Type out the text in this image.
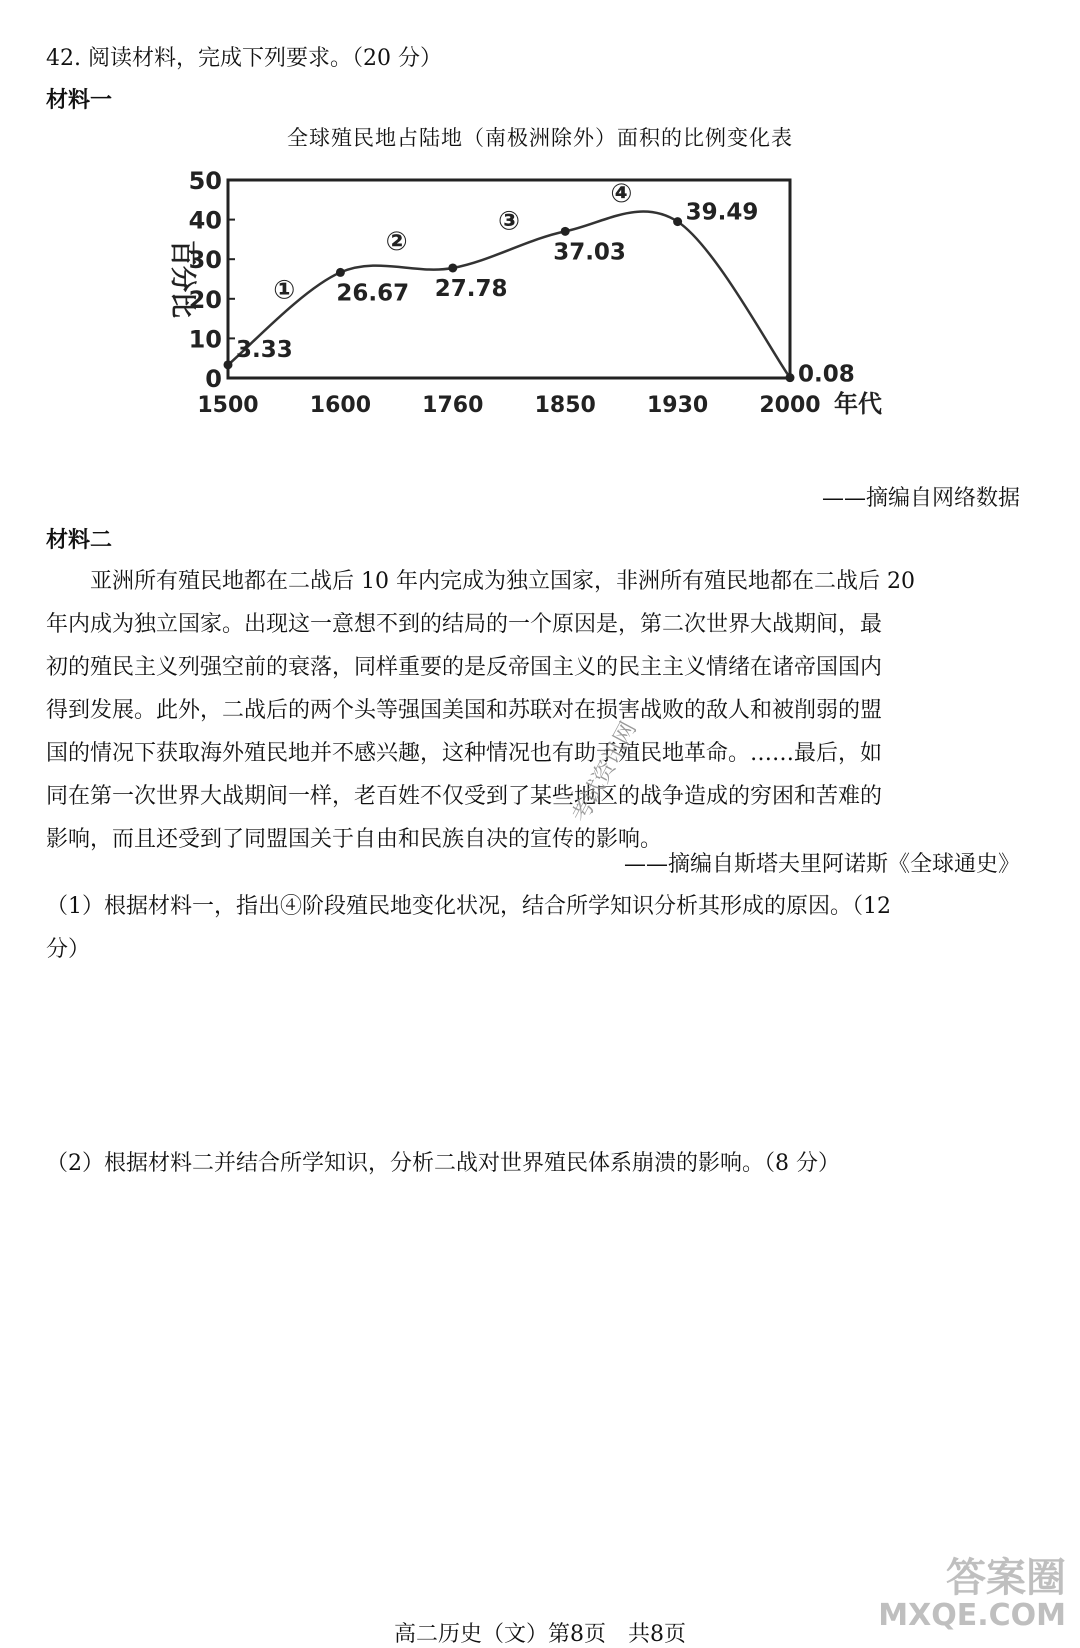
42. 阅读材料，完成下列要求。（20 分）
材料一
全球殖民地占陆地（南极洲除外）面积的比例变化表
0
10
20
30
40
50
百分比
1500 1600 1760 1850 1930 2000 年代
3.33
26.67 27.78
37.03
39.49
0.08
①
②
③
④
——摘编自网络数据
材料二
　　亚洲所有殖民地都在二战后 10 年内完成为独立国家，非洲所有殖民地都在二战后 20
年内成为独立国家。出现这一意想不到的结局的一个原因是，第二次世界大战期间，最
初的殖民主义列强空前的衰落，同样重要的是反帝国主义的民主主义情绪在诸帝国国内
得到发展。此外，二战后的两个头等强国美国和苏联对在损害战败的敌人和被削弱的盟
国的情况下获取海外殖民地并不感兴趣，这种情况也有助于殖民地革命。……最后，如
同在第一次世界大战期间一样，老百姓不仅受到了某些地区的战争造成的穷困和苦难的
影响，而且还受到了同盟国关于自由和民族自决的宣传的影响。
——摘编自斯塔夫里阿诺斯《全球通史》
（1）根据材料一，指出④阶段殖民地变化状况，结合所学知识分析其形成的原因。（12
分）
（2）根据材料二并结合所学知识，分析二战对世界殖民体系崩溃的影响。（8 分）
考试资讯网
答案圈
MXQE.COM
高二历史（文）第8页　共8页
